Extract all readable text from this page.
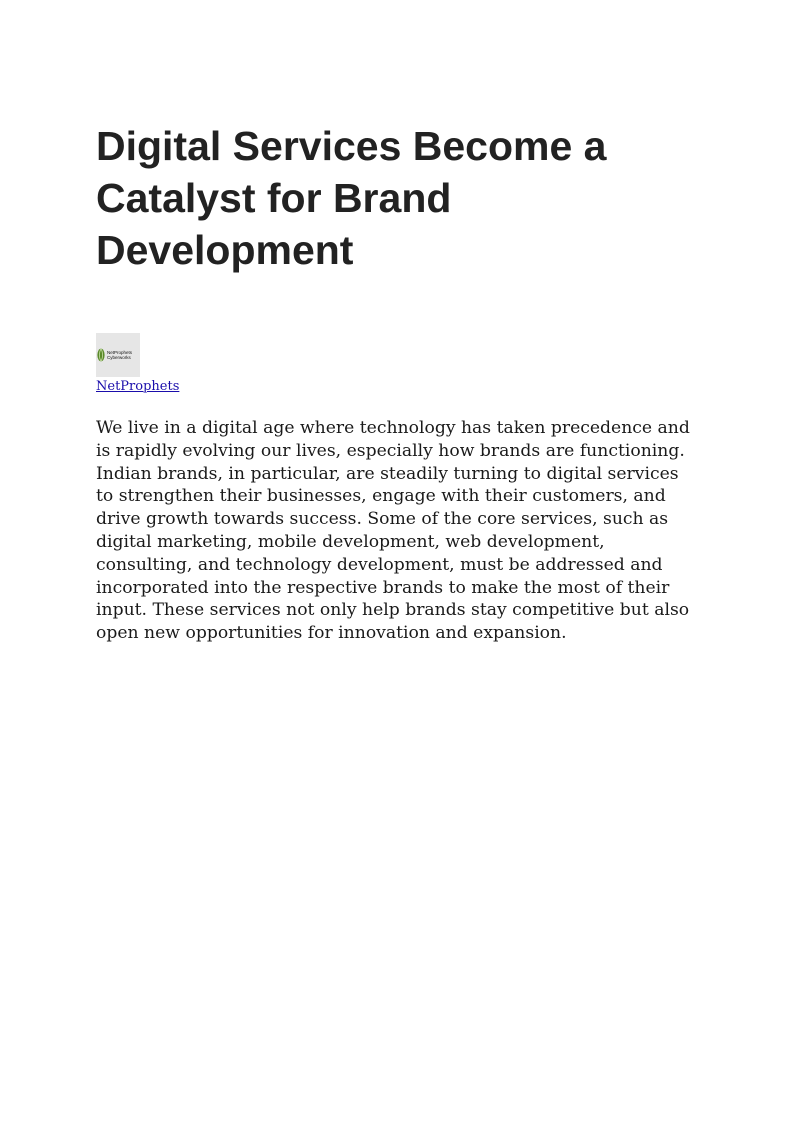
Digital Services Become a Catalyst for Brand Development
NetProphets
Cyberworks
NetProphets

We live in a digital age where technology has taken precedence and is rapidly evolving our lives, especially how brands are functioning. Indian brands, in particular, are steadily turning to digital services to strengthen their businesses, engage with their customers, and drive growth towards success. Some of the core services, such as digital marketing, mobile development, web development, consulting, and technology development, must be addressed and incorporated into the respective brands to make the most of their input. These services not only help brands stay competitive but also open new opportunities for innovation and expansion.
